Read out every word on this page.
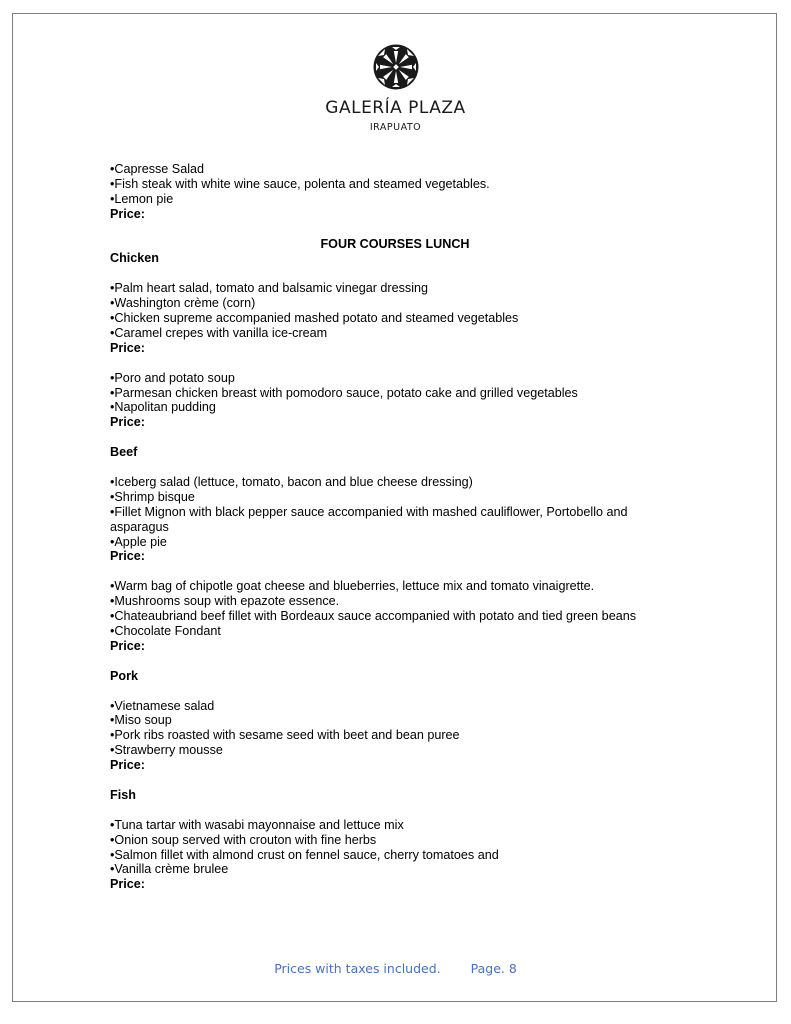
GALERÍA PLAZA
IRAPUATO
•Capresse Salad
•Fish steak with white wine sauce, polenta and steamed vegetables.
•Lemon pie
Price:
FOUR COURSES LUNCH
Chicken
•Palm heart salad, tomato and balsamic vinegar dressing
•Washington crème (corn)
•Chicken supreme accompanied mashed potato and steamed vegetables
•Caramel crepes with vanilla ice-cream
Price:
•Poro and potato soup
•Parmesan chicken breast with pomodoro sauce, potato cake and grilled vegetables
•Napolitan pudding
Price:
Beef
•Iceberg salad (lettuce, tomato, bacon and blue cheese dressing)
•Shrimp bisque
•Fillet Mignon with black pepper sauce accompanied with mashed cauliflower, Portobello and
asparagus
•Apple pie
Price:
•Warm bag of chipotle goat cheese and blueberries, lettuce mix and tomato vinaigrette.
•Mushrooms soup with epazote essence.
•Chateaubriand beef fillet with Bordeaux sauce accompanied with potato and tied green beans
•Chocolate Fondant
Price:
Pork
•Vietnamese salad
•Miso soup
•Pork ribs roasted with sesame seed with beet and bean puree
•Strawberry mousse
Price:
Fish
•Tuna tartar with wasabi mayonnaise and lettuce mix
•Onion soup served with crouton with fine herbs
•Salmon fillet with almond crust on fennel sauce, cherry tomatoes and
•Vanilla crème brulee
Price:
Prices with taxes included. Page. 8
